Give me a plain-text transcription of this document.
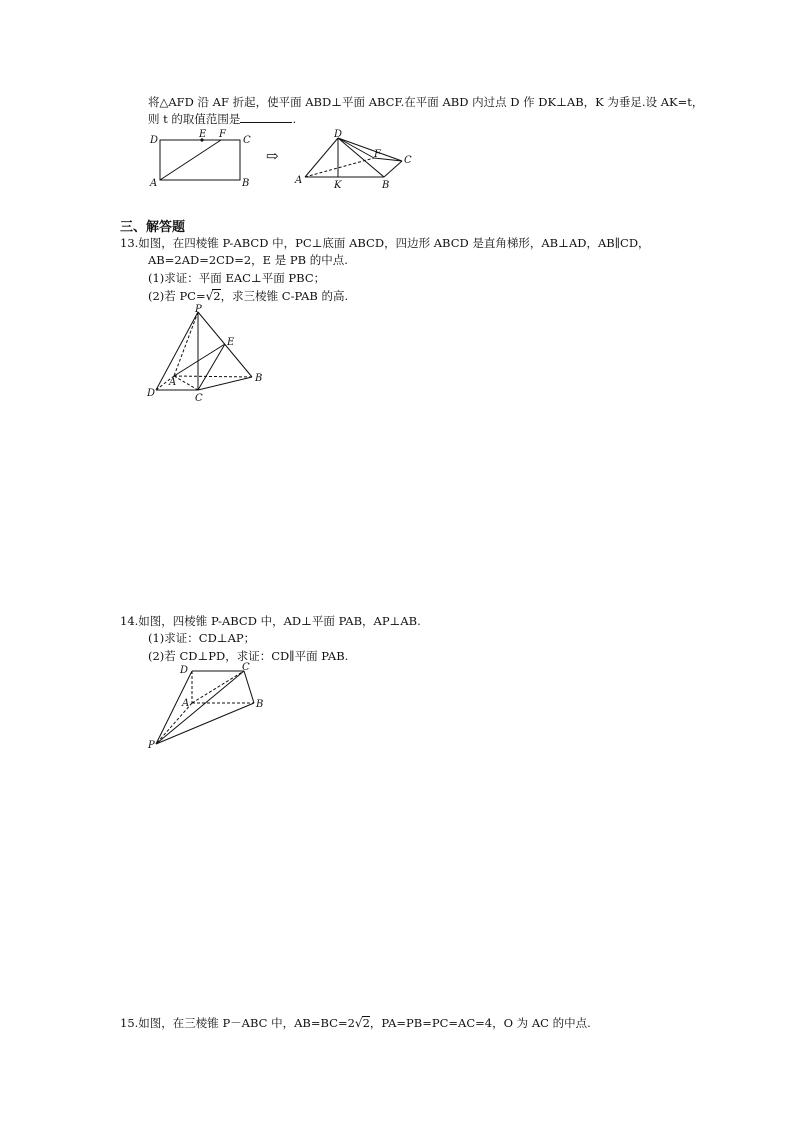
将△AFD 沿 AF 折起，使平面 ABD⊥平面 ABCF.在平面 ABD 内过点 D 作 DK⊥AB，K 为垂足.设 AK=t，
则 t 的取值范围是	.
D
E F
C
A	B
⇨
D
F
C
A	K	B
三、解答题
13.如图，在四棱锥 P-ABCD 中，PC⊥底面 ABCD，四边形 ABCD 是直角梯形，AB⊥AD，AB∥CD，
AB=2AD=2CD=2，E 是 PB 的中点.
(1)求证：平面 EAC⊥平面 PBC；
(2)若 PC=√2，求三棱锥 C-PAB 的高.
P
E
A	B
D	C
14.如图，四棱锥 P-ABCD 中，AD⊥平面 PAB，AP⊥AB.
(1)求证：CD⊥AP；
(2)若 CD⊥PD，求证：CD∥平面 PAB.
D	C
A	B
P
15.如图，在三棱锥 P－ABC 中，AB=BC=2√2，PA=PB=PC=AC=4，O 为 AC 的中点.
